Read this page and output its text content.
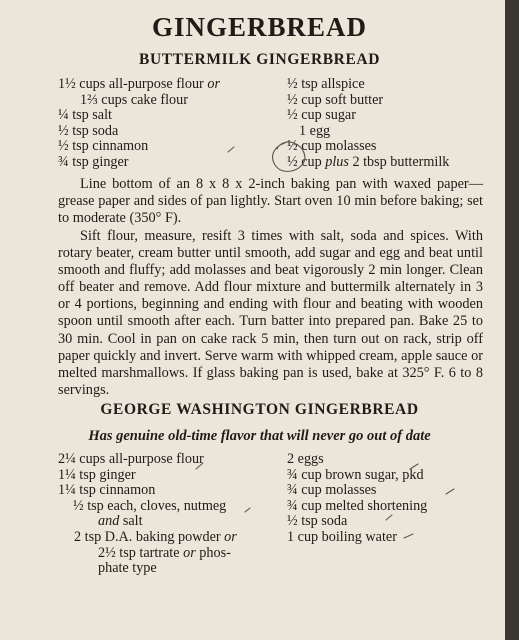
GINGERBREAD
BUTTERMILK GINGERBREAD
1½ cups all-purpose flour or
1⅔ cups cake flour
¼ tsp salt
½ tsp soda
½ tsp cinnamon
¾ tsp ginger
½ tsp allspice
½ cup soft butter
½ cup sugar
1 egg
½ cup molasses
½ cup plus 2 tbsp buttermilk

Line bottom of an 8 x 8 x 2-inch baking pan with waxed paper—grease paper and sides of pan lightly. Start oven 10 min before baking; set to moderate (350° F).

Sift flour, measure, resift 3 times with salt, soda and spices. With rotary beater, cream butter until smooth, add sugar and egg and beat until smooth and fluffy; add molasses and beat vigorously 2 min longer. Clean off beater and remove. Add flour mixture and buttermilk alternately in 3 or 4 portions, beginning and ending with flour and beating with wooden spoon until smooth after each. Turn batter into prepared pan. Bake 25 to 30 min. Cool in pan on cake rack 5 min, then turn out on rack, strip off paper quickly and invert. Serve warm with whipped cream, apple sauce or melted marshmallows. If glass baking pan is used, bake at 325° F. 6 to 8 servings.

GEORGE WASHINGTON GINGERBREAD
Has genuine old-time flavor that will never go out of date
2¼ cups all-purpose flour
1¼ tsp ginger
1¼ tsp cinnamon
½ tsp each, cloves, nutmeg
and salt
2 tsp D.A. baking powder or
2½ tsp tartrate or phos-
phate type
2 eggs
¾ cup brown sugar, pkd
¾ cup molasses
¾ cup melted shortening
½ tsp soda
1 cup boiling water
